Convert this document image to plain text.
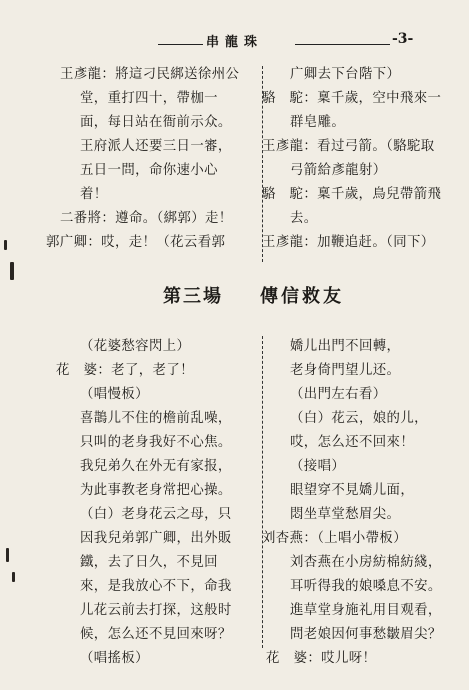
串龍珠	-3-
王彥龍：將這刁民綁送徐州公
堂，重打四十，帶枷一
面，每日站在衙前示众。
王府派人还要三日一審，
五日一問，命你速小心
着！
二番將：遵命。（綁郭）走！
郭广卿：哎，走！（花云看郭
广卿去下台階下）
駱　駝：稟千歲，空中飛來一
群皂雕。
王彥龍：看过弓箭。（駱駝取
弓箭給彥龍射）
駱　駝：稟千歲，鳥兒帶箭飛
去。
王彥龍：加鞭追赶。（同下）
第三場 傳信救友
（花婆愁容閃上）
花　婆：老了，老了！
（唱慢板）
喜鵲儿不住的檐前乱噪，
只叫的老身我好不心焦。
我兒弟久在外无有家报，
为此事教老身常把心操。
（白）老身花云之母，只
因我兒弟郭广卿，出外販
鐵，去了日久，不見回
來，是我放心不下，命我
儿花云前去打探，这般时
候，怎么还不見回來呀？
（唱搖板）
嬌儿出門不回轉，
老身倚門望儿还。
（出門左右看）
（白）花云，娘的儿，
哎，怎么还不回來！
（接唱）
眼望穿不見嬌儿面，
悶坐草堂愁眉尖。
刘杏燕：（上唱小帶板）
刘杏燕在小房紡棉紡綫，
耳听得我的娘嗓息不安。
進草堂身施礼用目观看，
問老娘因何事愁皺眉尖？
花　婆：哎儿呀！
